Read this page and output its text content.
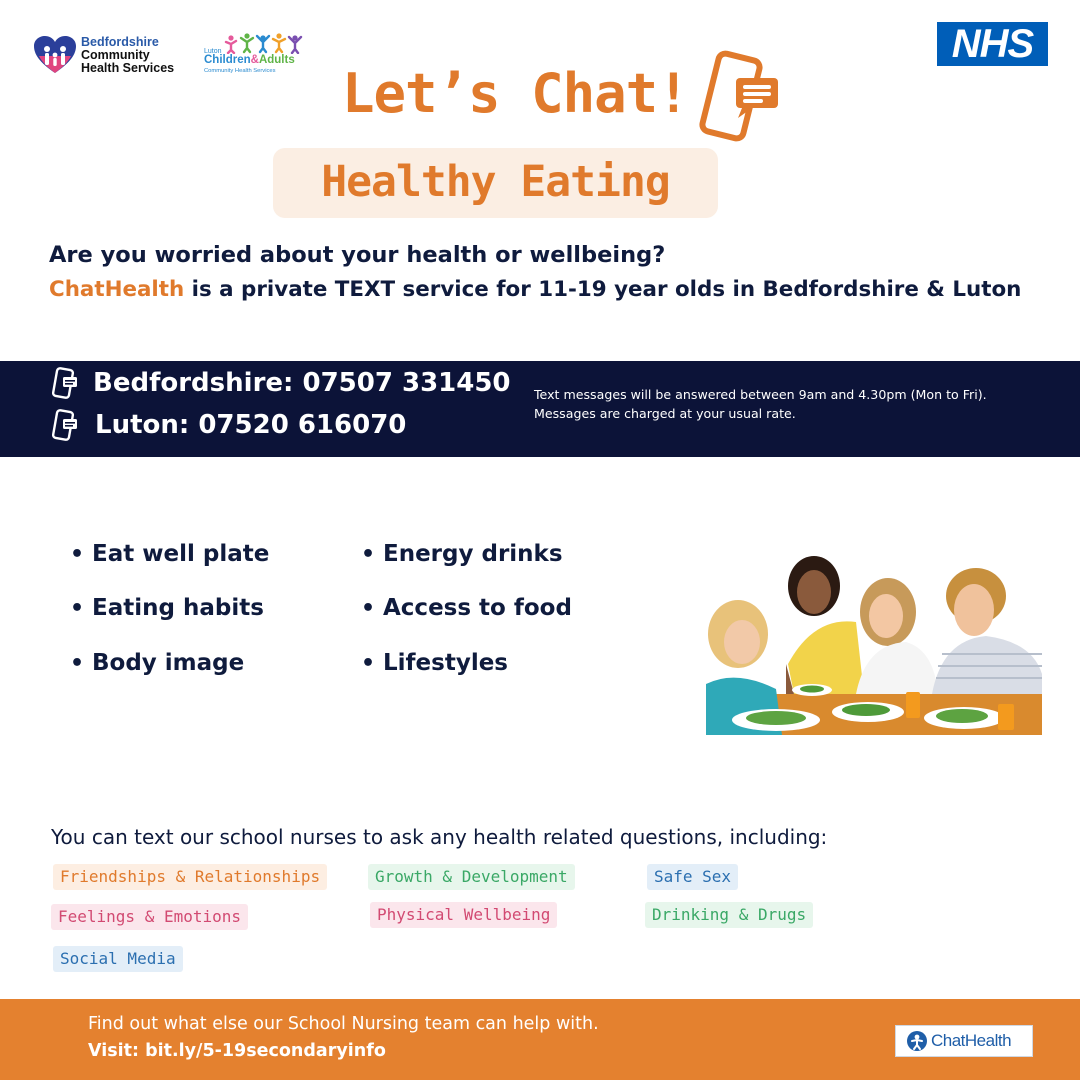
Bedfordshire
Community
Health Services
Luton
Children&Adults
Community Health Services
NHS
Let’s Chat!
Healthy Eating
Are you worried about your health or wellbeing?
ChatHealth is a private TEXT service for 11-19 year olds in Bedfordshire & Luton
Bedfordshire: 07507 331450
Luton: 07520 616070
Text messages will be answered between 9am and 4.30pm (Mon to Fri).
Messages are charged at your usual rate.
• Eat well plate
• Eating habits
• Body image
• Energy drinks
• Access to food
• Lifestyles
You can text our school nurses to ask any health related questions, including:
Friendships & Relationships	Growth & Development	Safe Sex
Feelings & Emotions	Physical Wellbeing	Drinking & Drugs
Social Media
Find out what else our School Nursing team can help with.
Visit: bit.ly/5-19secondaryinfo
ChatHealth
